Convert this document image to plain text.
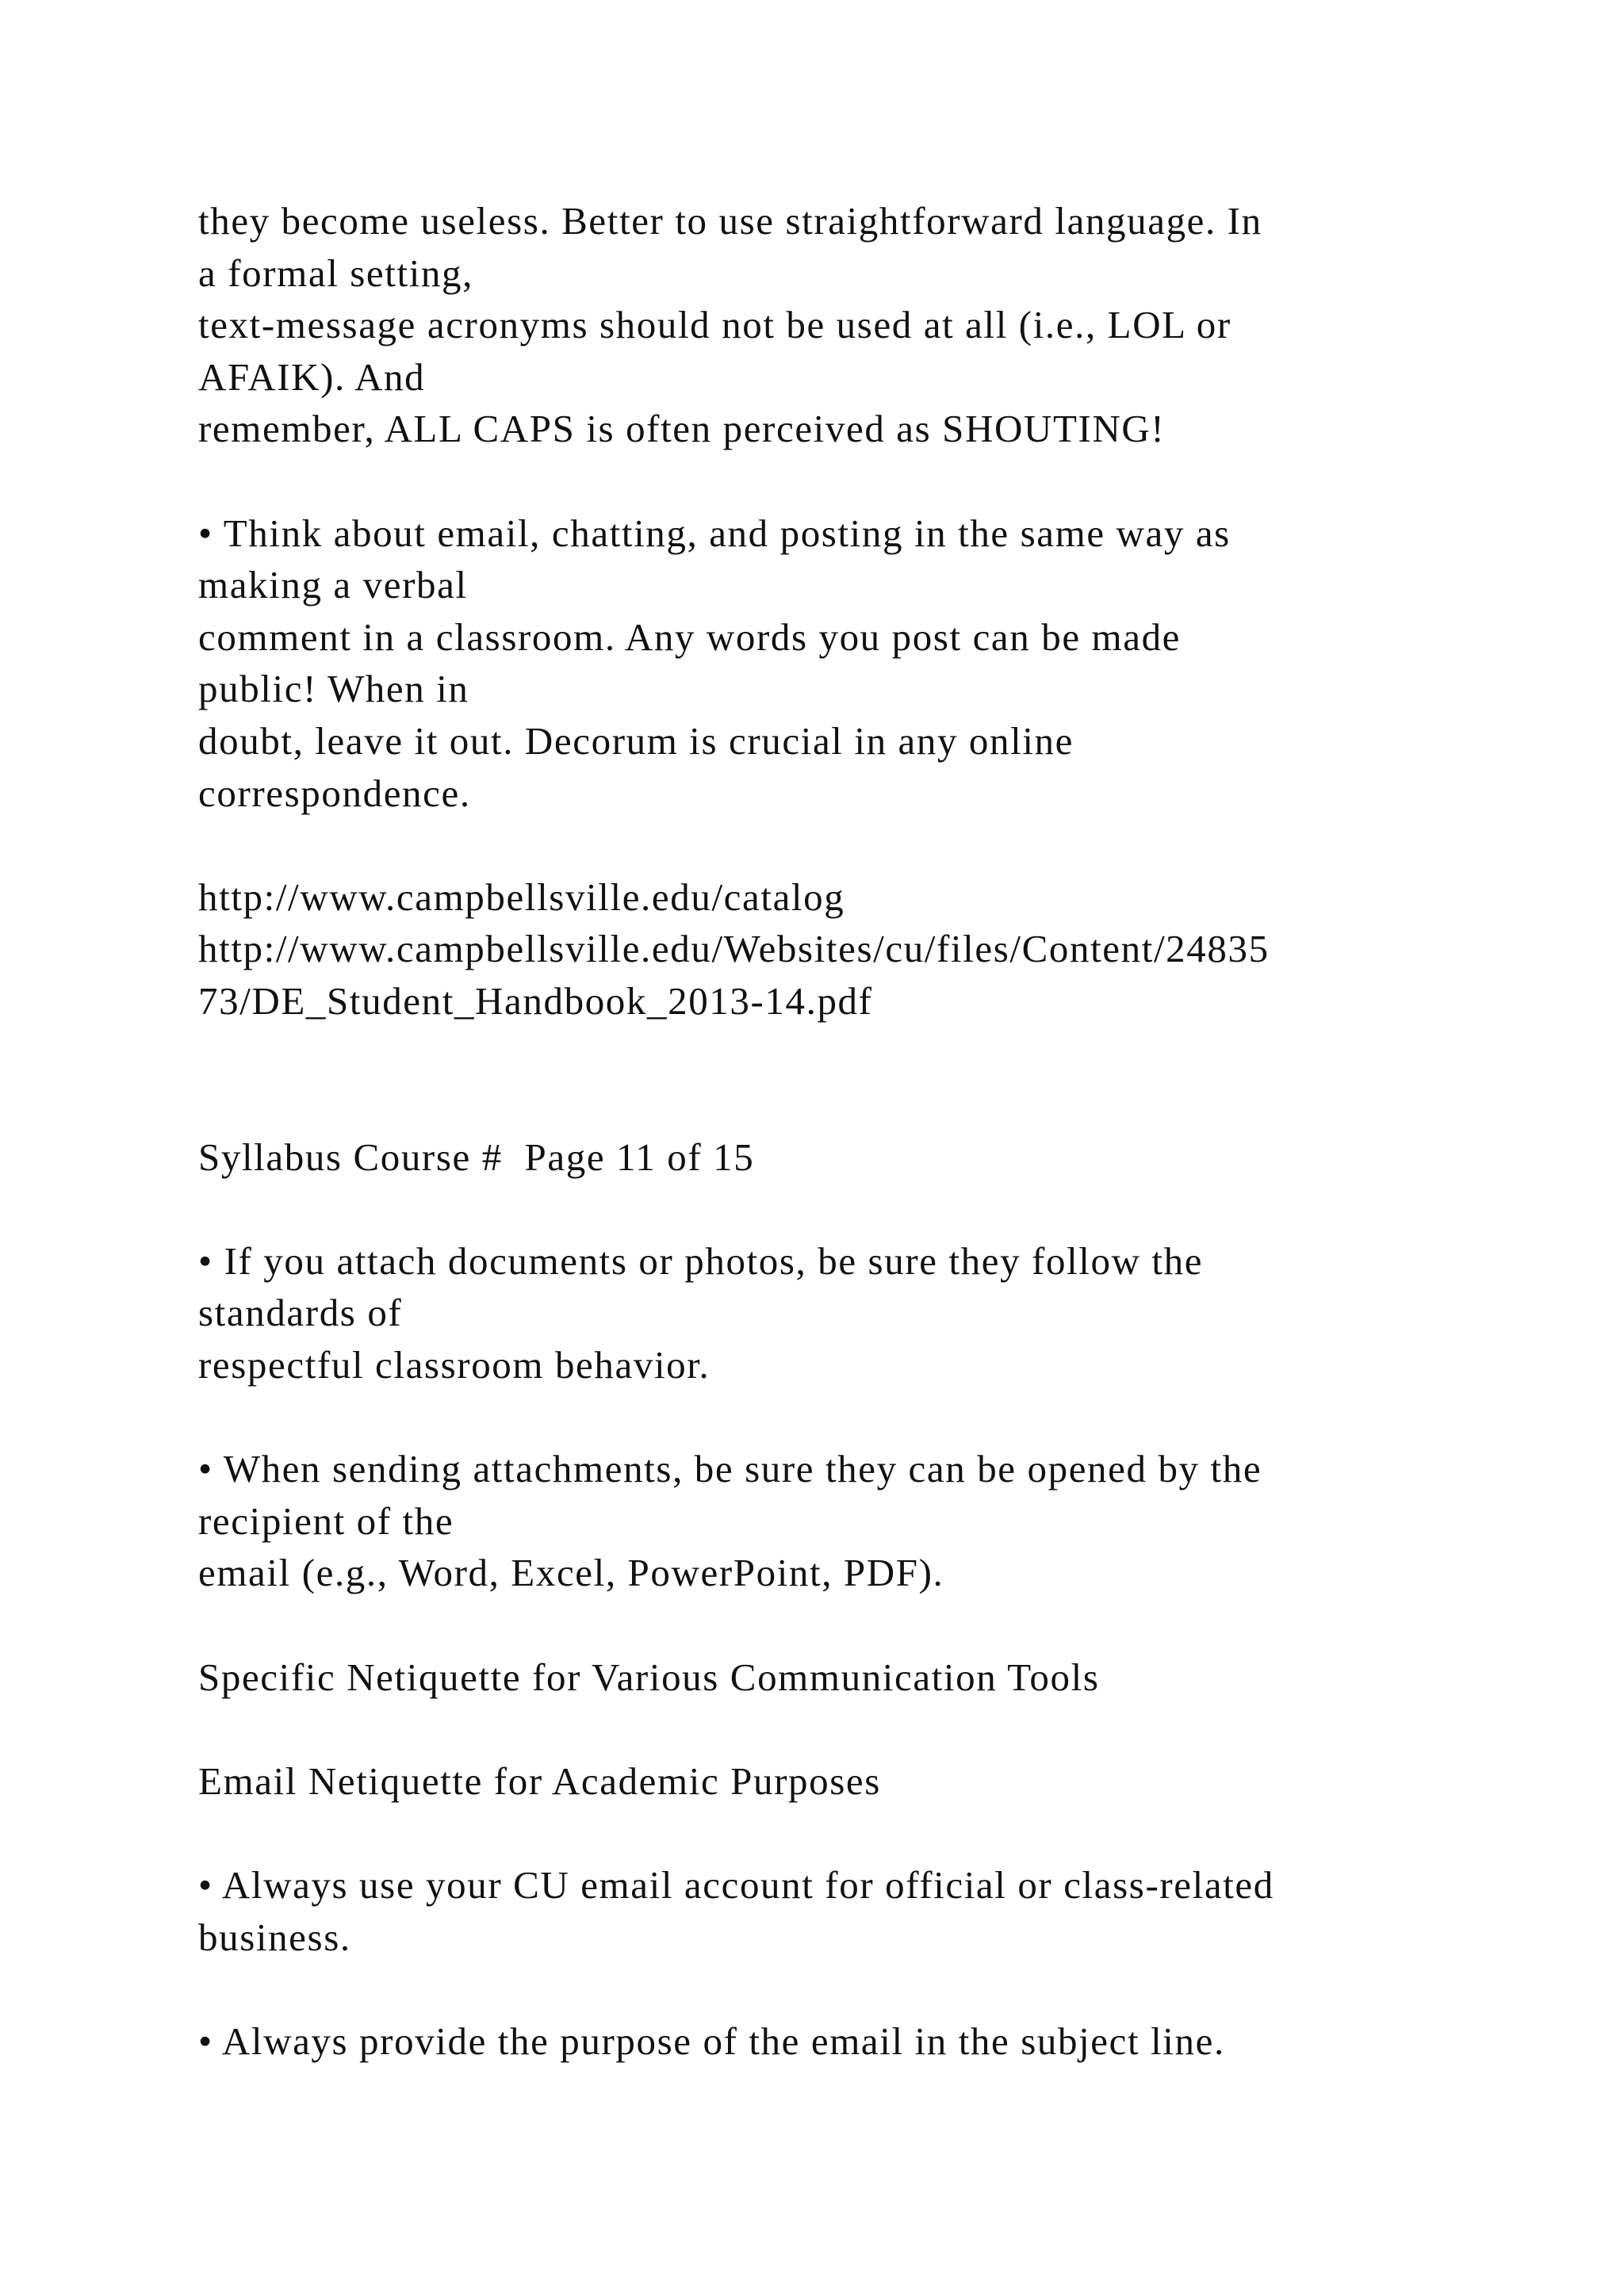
they become useless. Better to use straightforward language. In
a formal setting,
text-message acronyms should not be used at all (i.e., LOL or
AFAIK). And
remember, ALL CAPS is often perceived as SHOUTING!
• Think about email, chatting, and posting in the same way as
making a verbal
comment in a classroom. Any words you post can be made
public! When in
doubt, leave it out. Decorum is crucial in any online
correspondence.
http://www.campbellsville.edu/catalog
http://www.campbellsville.edu/Websites/cu/files/Content/24835
73/DE_Student_Handbook_2013-14.pdf
Syllabus Course #  Page 11 of 15
• If you attach documents or photos, be sure they follow the
standards of
respectful classroom behavior.
• When sending attachments, be sure they can be opened by the
recipient of the
email (e.g., Word, Excel, PowerPoint, PDF).
Specific Netiquette for Various Communication Tools
Email Netiquette for Academic Purposes
• Always use your CU email account for official or class-related
business.
• Always provide the purpose of the email in the subject line.
